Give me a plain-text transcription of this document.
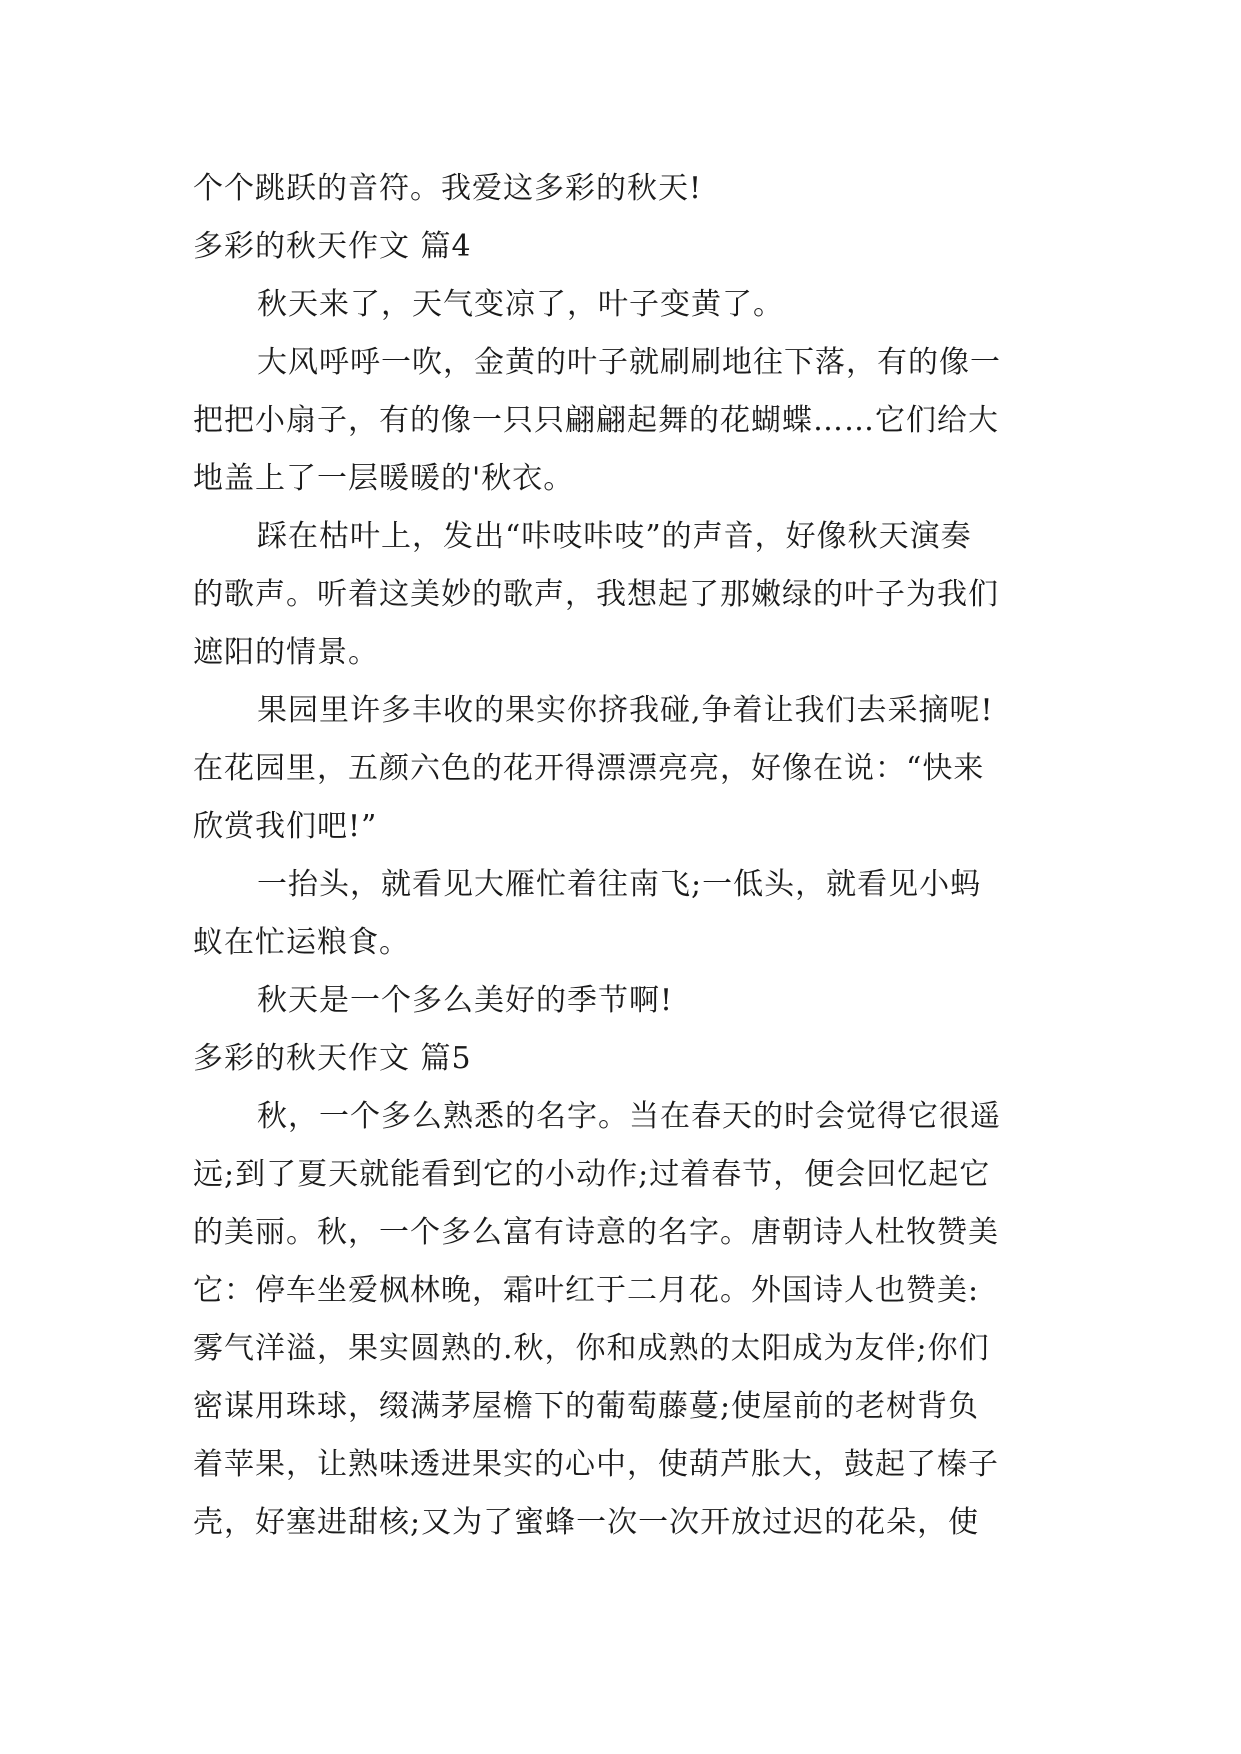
个个跳跃的音符。我爱这多彩的秋天!
多彩的秋天作文 篇4
秋天来了，天气变凉了，叶子变黄了。
大风呼呼一吹，金黄的叶子就刷刷地往下落，有的像一
把把小扇子，有的像一只只翩翩起舞的花蝴蝶……它们给大
地盖上了一层暖暖的'秋衣。
踩在枯叶上，发出“咔吱咔吱”的声音，好像秋天演奏
的歌声。听着这美妙的歌声，我想起了那嫩绿的叶子为我们
遮阳的情景。
果园里许多丰收的果实你挤我碰,争着让我们去采摘呢!
在花园里，五颜六色的花开得漂漂亮亮，好像在说：“快来
欣赏我们吧!”
一抬头，就看见大雁忙着往南飞;一低头，就看见小蚂
蚁在忙运粮食。
秋天是一个多么美好的季节啊!
多彩的秋天作文 篇5
秋，一个多么熟悉的名字。当在春天的时会觉得它很遥
远;到了夏天就能看到它的小动作;过着春节，便会回忆起它
的美丽。秋，一个多么富有诗意的名字。唐朝诗人杜牧赞美
它：停车坐爱枫林晚，霜叶红于二月花。外国诗人也赞美:
雾气洋溢，果实圆熟的.秋，你和成熟的太阳成为友伴;你们
密谋用珠球，缀满茅屋檐下的葡萄藤蔓;使屋前的老树背负
着苹果，让熟味透进果实的心中，使葫芦胀大，鼓起了榛子
壳，好塞进甜核;又为了蜜蜂一次一次开放过迟的花朵，使
